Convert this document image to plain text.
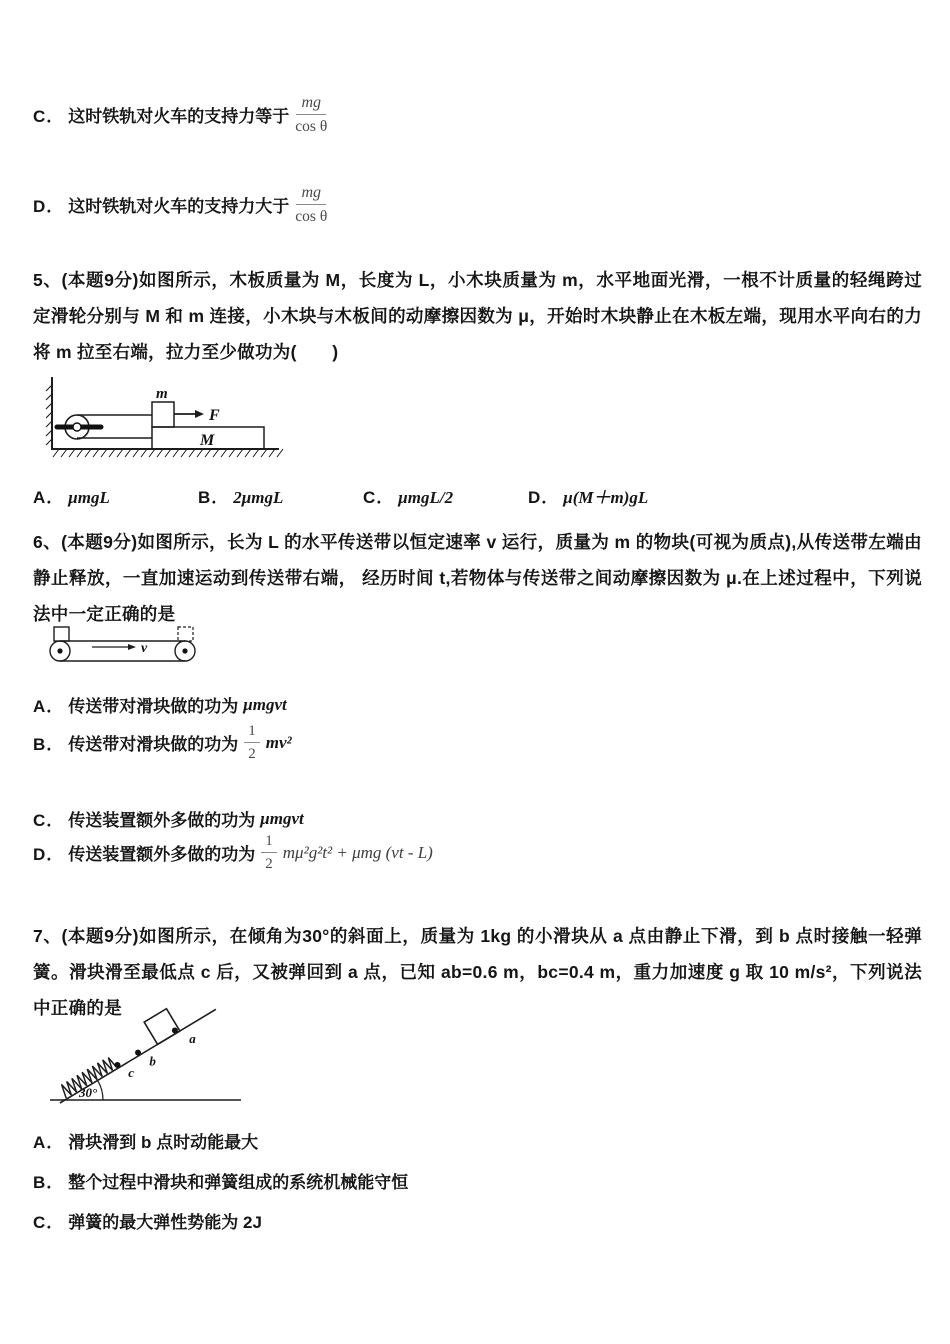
C． 这时铁轨对火车的支持力等于 $\frac{mg}{\text{cos θ}}$
D． 这时铁轨对火车的支持力大于 $\frac{mg}{\text{cos θ}}$
5、(本题9分)如图所示，木板质量为 M，长度为 L，小木块质量为 m，水平地面光滑，一根不计质量的轻绳跨过定滑轮分别与 M 和 m 连接，小木块与木板间的动摩擦因数为 μ，开始时木块静止在木板左端，现用水平向右的力将 m 拉至右端，拉力至少做功为(　　)
m
F
M
A． μmgL	B． 2μmgL	C． μmgL/2	D． μ(M＋m)gL
6、(本题9分)如图所示，长为 L 的水平传送带以恒定速率 v 运行，质量为 m 的物块(可视为质点),从传送带左端由静止释放，一直加速运动到传送带右端， 经历时间 t,若物体与传送带之间动摩擦因数为 μ.在上述过程中，下列说法中一定正确的是
v
A． 传送带对滑块做的功为 μmgvt
B． 传送带对滑块做的功为 $\frac{1}{2} mv^2$
C． 传送装置额外多做的功为 μmgvt
D． 传送装置额外多做的功为 $\frac{1}{2} m\mu^2g^2t^2 + \mu mg$ (vt - L)
7、(本题9分)如图所示，在倾角为30°的斜面上，质量为 1kg 的小滑块从 a 点由静止下滑，到 b 点时接触一轻弹簧。滑块滑至最低点 c 后，又被弹回到 a 点，已知 ab=0.6 m，bc=0.4 m，重力加速度 g 取 10 m/s²，下列说法中正确的是
30°
c
b
a
A． 滑块滑到 b 点时动能最大
B． 整个过程中滑块和弹簧组成的系统机械能守恒
C． 弹簧的最大弹性势能为 2J
